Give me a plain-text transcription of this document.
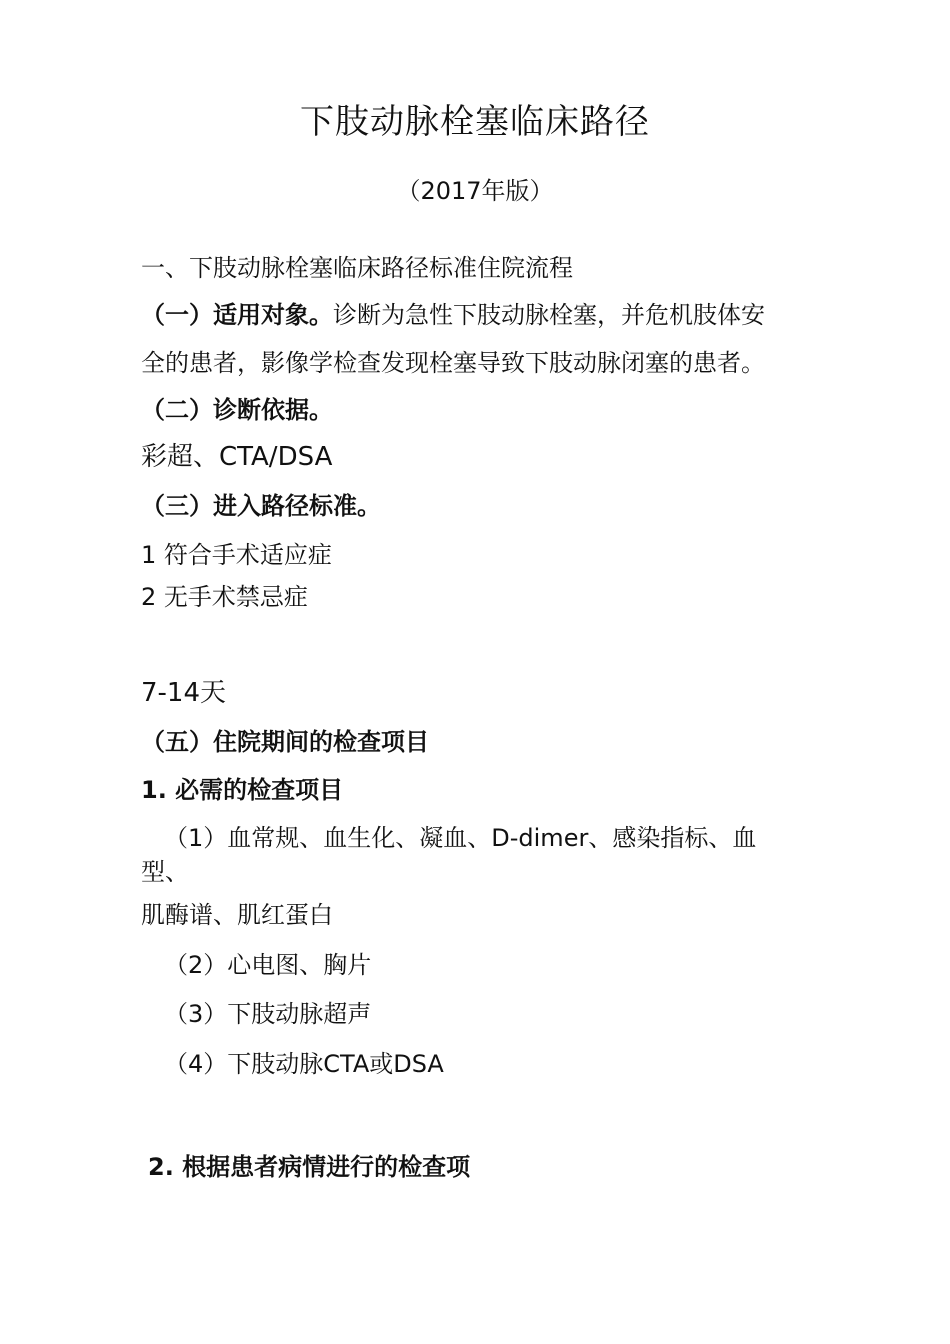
下肢动脉栓塞临床路径
（2017年版）
一、下肢动脉栓塞临床路径标准住院流程
（一）适用对象。诊断为急性下肢动脉栓塞，并危机肢体安
全的患者，影像学检查发现栓塞导致下肢动脉闭塞的患者。
（二）诊断依据。
彩超、CTA/DSA
（三）进入路径标准。
1 符合手术适应症
2 无手术禁忌症
7-14天
（五）住院期间的检查项目
1. 必需的检查项目
（1）血常规、血生化、凝血、D-dimer、感染指标、血
型、
肌酶谱、肌红蛋白
（2）心电图、胸片
（3）下肢动脉超声
（4）下肢动脉CTA或DSA
2. 根据患者病情进行的检查项
